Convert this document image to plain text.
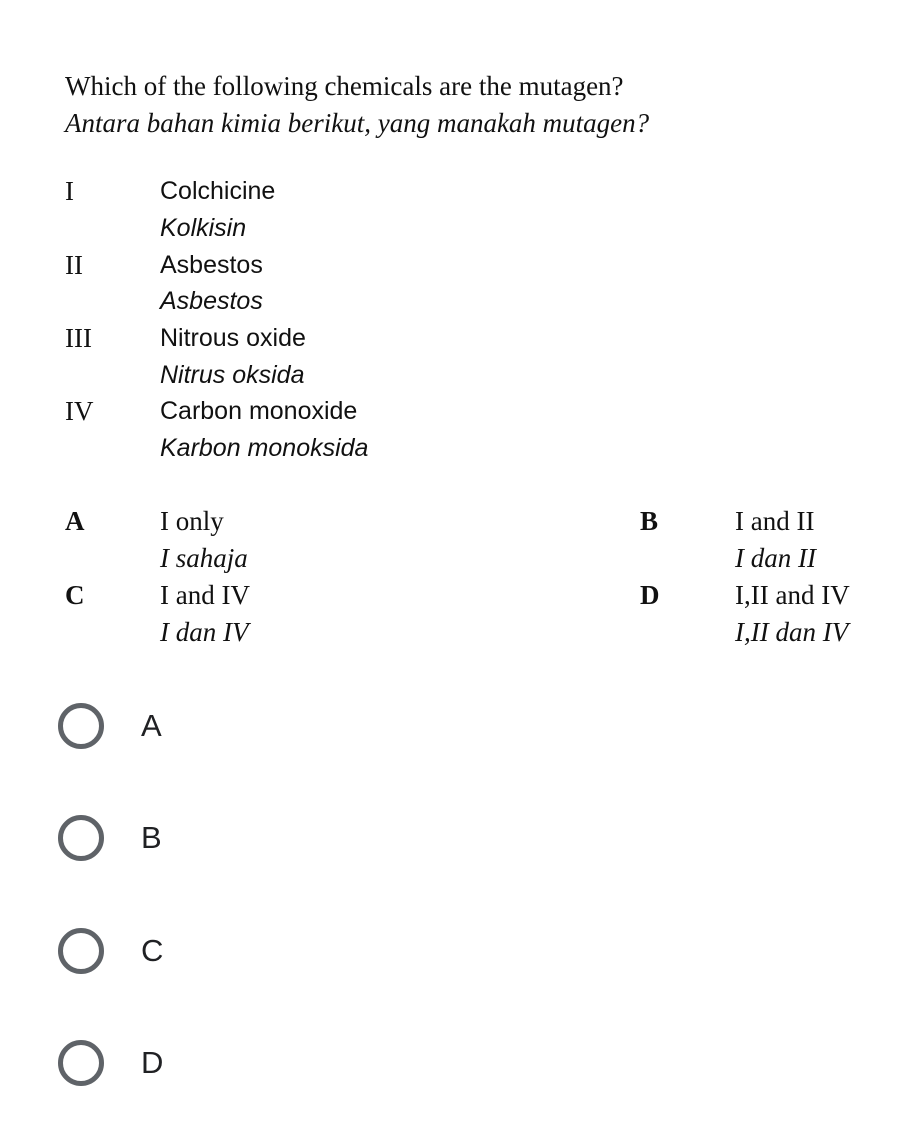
Which of the following chemicals are the mutagen?
Antara bahan kimia berikut, yang manakah mutagen?
I	Colchicine
Kolkisin
II	Asbestos
Asbestos
III	Nitrous oxide
Nitrus oksida
IV	Carbon monoxide
Karbon monoksida
A	I only
I sahaja
B	I and II
I dan II
C	I and IV
I dan IV
D	I,II and IV
I,II dan IV
A
B
C
D
